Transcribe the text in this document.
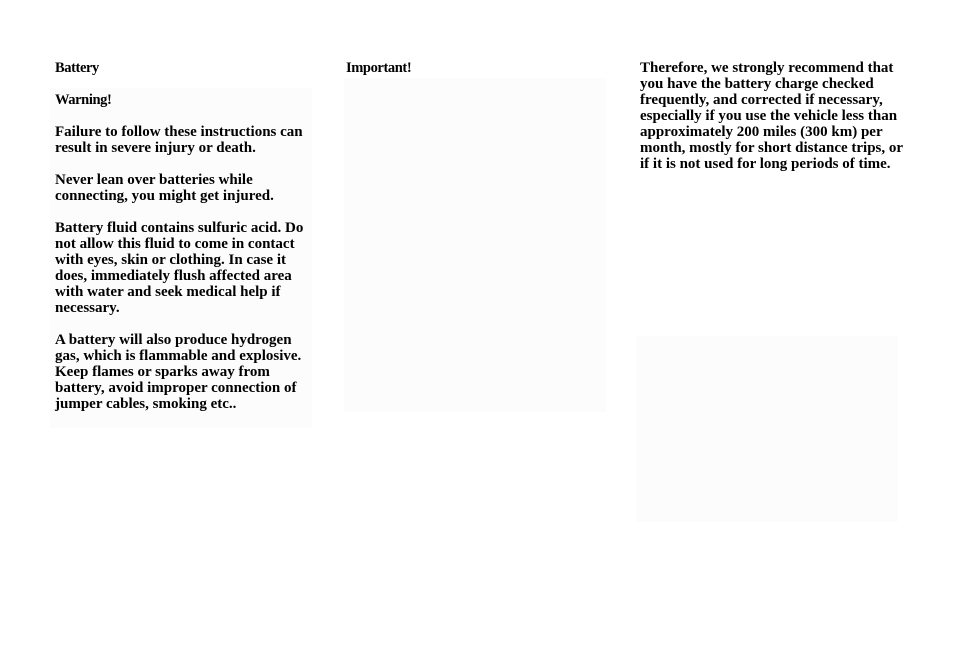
Battery
Warning!

Failure to follow these instructions can result in severe injury or death.

Never lean over batteries while connecting, you might get injured.

Battery fluid contains sulfuric acid. Do not allow this fluid to come in contact with eyes, skin or clothing. In case it does, immediately flush affected area with water and seek medical help if necessary.

A battery will also produce hydrogen gas, which is flammable and explosive. Keep flames or sparks away from battery, avoid improper connection of jumper cables, smoking etc..

Important!	Therefore, we strongly recommend that you have the battery charge checked frequently, and corrected if necessary, especially if you use the vehicle less than approximately 200 miles (300 km) per month, mostly for short distance trips, or if it is not used for long periods of time.
